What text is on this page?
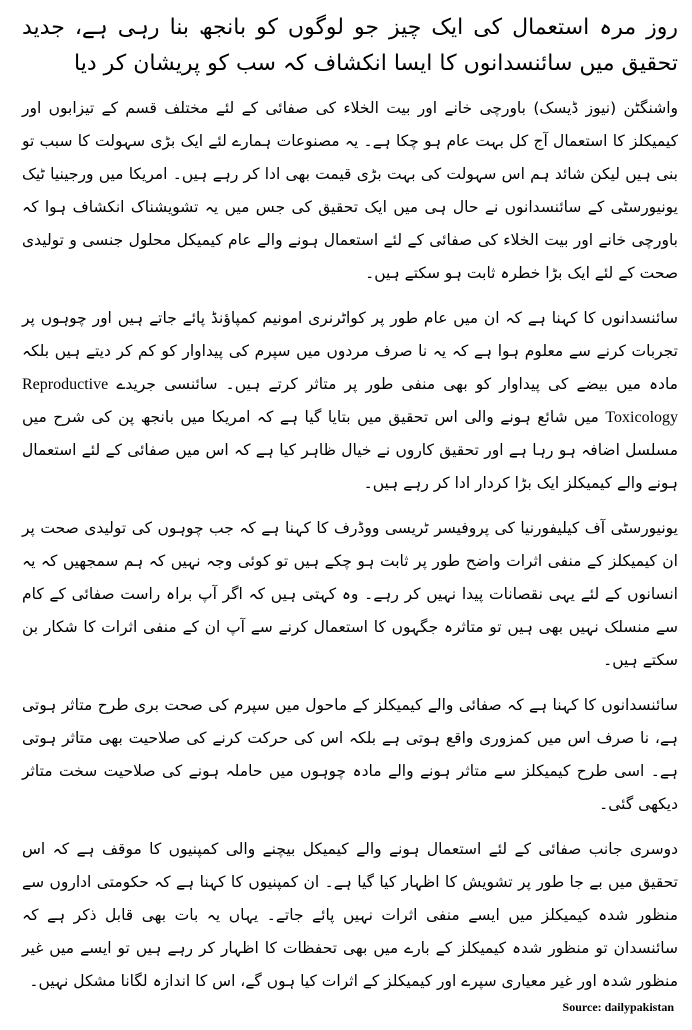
روز مرہ استعمال کی ایک چیز جو لوگوں کو بانجھ بنا رہی ہے، جدید تحقیق میں سائنسدانوں کا ایسا انکشاف کہ سب کو پریشان کر دیا

واشنگٹن (نیوز ڈیسک) باورچی خانے اور بیت الخلاء کی صفائی کے لئے مختلف قسم کے تیزابوں اور کیمیکلز کا استعمال آج کل بہت عام ہو چکا ہے۔ یہ مصنوعات ہمارے لئے ایک بڑی سہولت کا سبب تو بنی ہیں لیکن شائد ہم اس سہولت کی بہت بڑی قیمت بھی ادا کر رہے ہیں۔ امریکا میں ورجینیا ٹیک یونیورسٹی کے سائنسدانوں نے حال ہی میں ایک تحقیق کی جس میں یہ تشویشناک انکشاف ہوا کہ باورچی خانے اور بیت الخلاء کی صفائی کے لئے استعمال ہونے والے عام کیمیکل محلول جنسی و تولیدی صحت کے لئے ایک بڑا خطرہ ثابت ہو سکتے ہیں۔

سائنسدانوں کا کہنا ہے کہ ان میں عام طور پر کواٹرنری امونیم کمپاؤنڈ پائے جاتے ہیں اور چوہوں پر تجربات کرنے سے معلوم ہوا ہے کہ یہ نا صرف مردوں میں سپرم کی پیداوار کو کم کر دیتے ہیں بلکہ مادہ میں بیضے کی پیداوار کو بھی منفی طور پر متاثر کرتے ہیں۔ سائنسی جریدے Reproductive Toxicology میں شائع ہونے والی اس تحقیق میں بتایا گیا ہے کہ امریکا میں بانجھ پن کی شرح میں مسلسل اضافہ ہو رہا ہے اور تحقیق کاروں نے خیال ظاہر کیا ہے کہ اس میں صفائی کے لئے استعمال ہونے والے کیمیکلز ایک بڑا کردار ادا کر رہے ہیں۔

یونیورسٹی آف کیلیفورنیا کی پروفیسر ٹریسی ووڈرف کا کہنا ہے کہ جب چوہوں کی تولیدی صحت پر ان کیمیکلز کے منفی اثرات واضح طور پر ثابت ہو چکے ہیں تو کوئی وجہ نہیں کہ ہم سمجھیں کہ یہ انسانوں کے لئے یہی نقصانات پیدا نہیں کر رہے۔ وہ کہتی ہیں کہ اگر آپ براہ راست صفائی کے کام سے منسلک نہیں بھی ہیں تو متاثرہ جگہوں کا استعمال کرنے سے آپ ان کے منفی اثرات کا شکار بن سکتے ہیں۔

سائنسدانوں کا کہنا ہے کہ صفائی والے کیمیکلز کے ماحول میں سپرم کی صحت بری طرح متاثر ہوتی ہے، نا صرف اس میں کمزوری واقع ہوتی ہے بلکہ اس کی حرکت کرنے کی صلاحیت بھی متاثر ہوتی ہے۔ اسی طرح کیمیکلز سے متاثر ہونے والے مادہ چوہوں میں حاملہ ہونے کی صلاحیت سخت متاثر دیکھی گئی۔

دوسری جانب صفائی کے لئے استعمال ہونے والے کیمیکل بیچنے والی کمپنیوں کا موقف ہے کہ اس تحقیق میں بے جا طور پر تشویش کا اظہار کیا گیا ہے۔ ان کمپنیوں کا کہنا ہے کہ حکومتی اداروں سے منظور شدہ کیمیکلز میں ایسے منفی اثرات نہیں پائے جاتے۔ یہاں یہ بات بھی قابل ذکر ہے کہ سائنسدان تو منظور شدہ کیمیکلز کے بارے میں بھی تحفظات کا اظہار کر رہے ہیں تو ایسے میں غیر منظور شدہ اور غیر معیاری سپرے اور کیمیکلز کے اثرات کیا ہوں گے، اس کا اندازہ لگانا مشکل نہیں۔

Source: dailypakistan
